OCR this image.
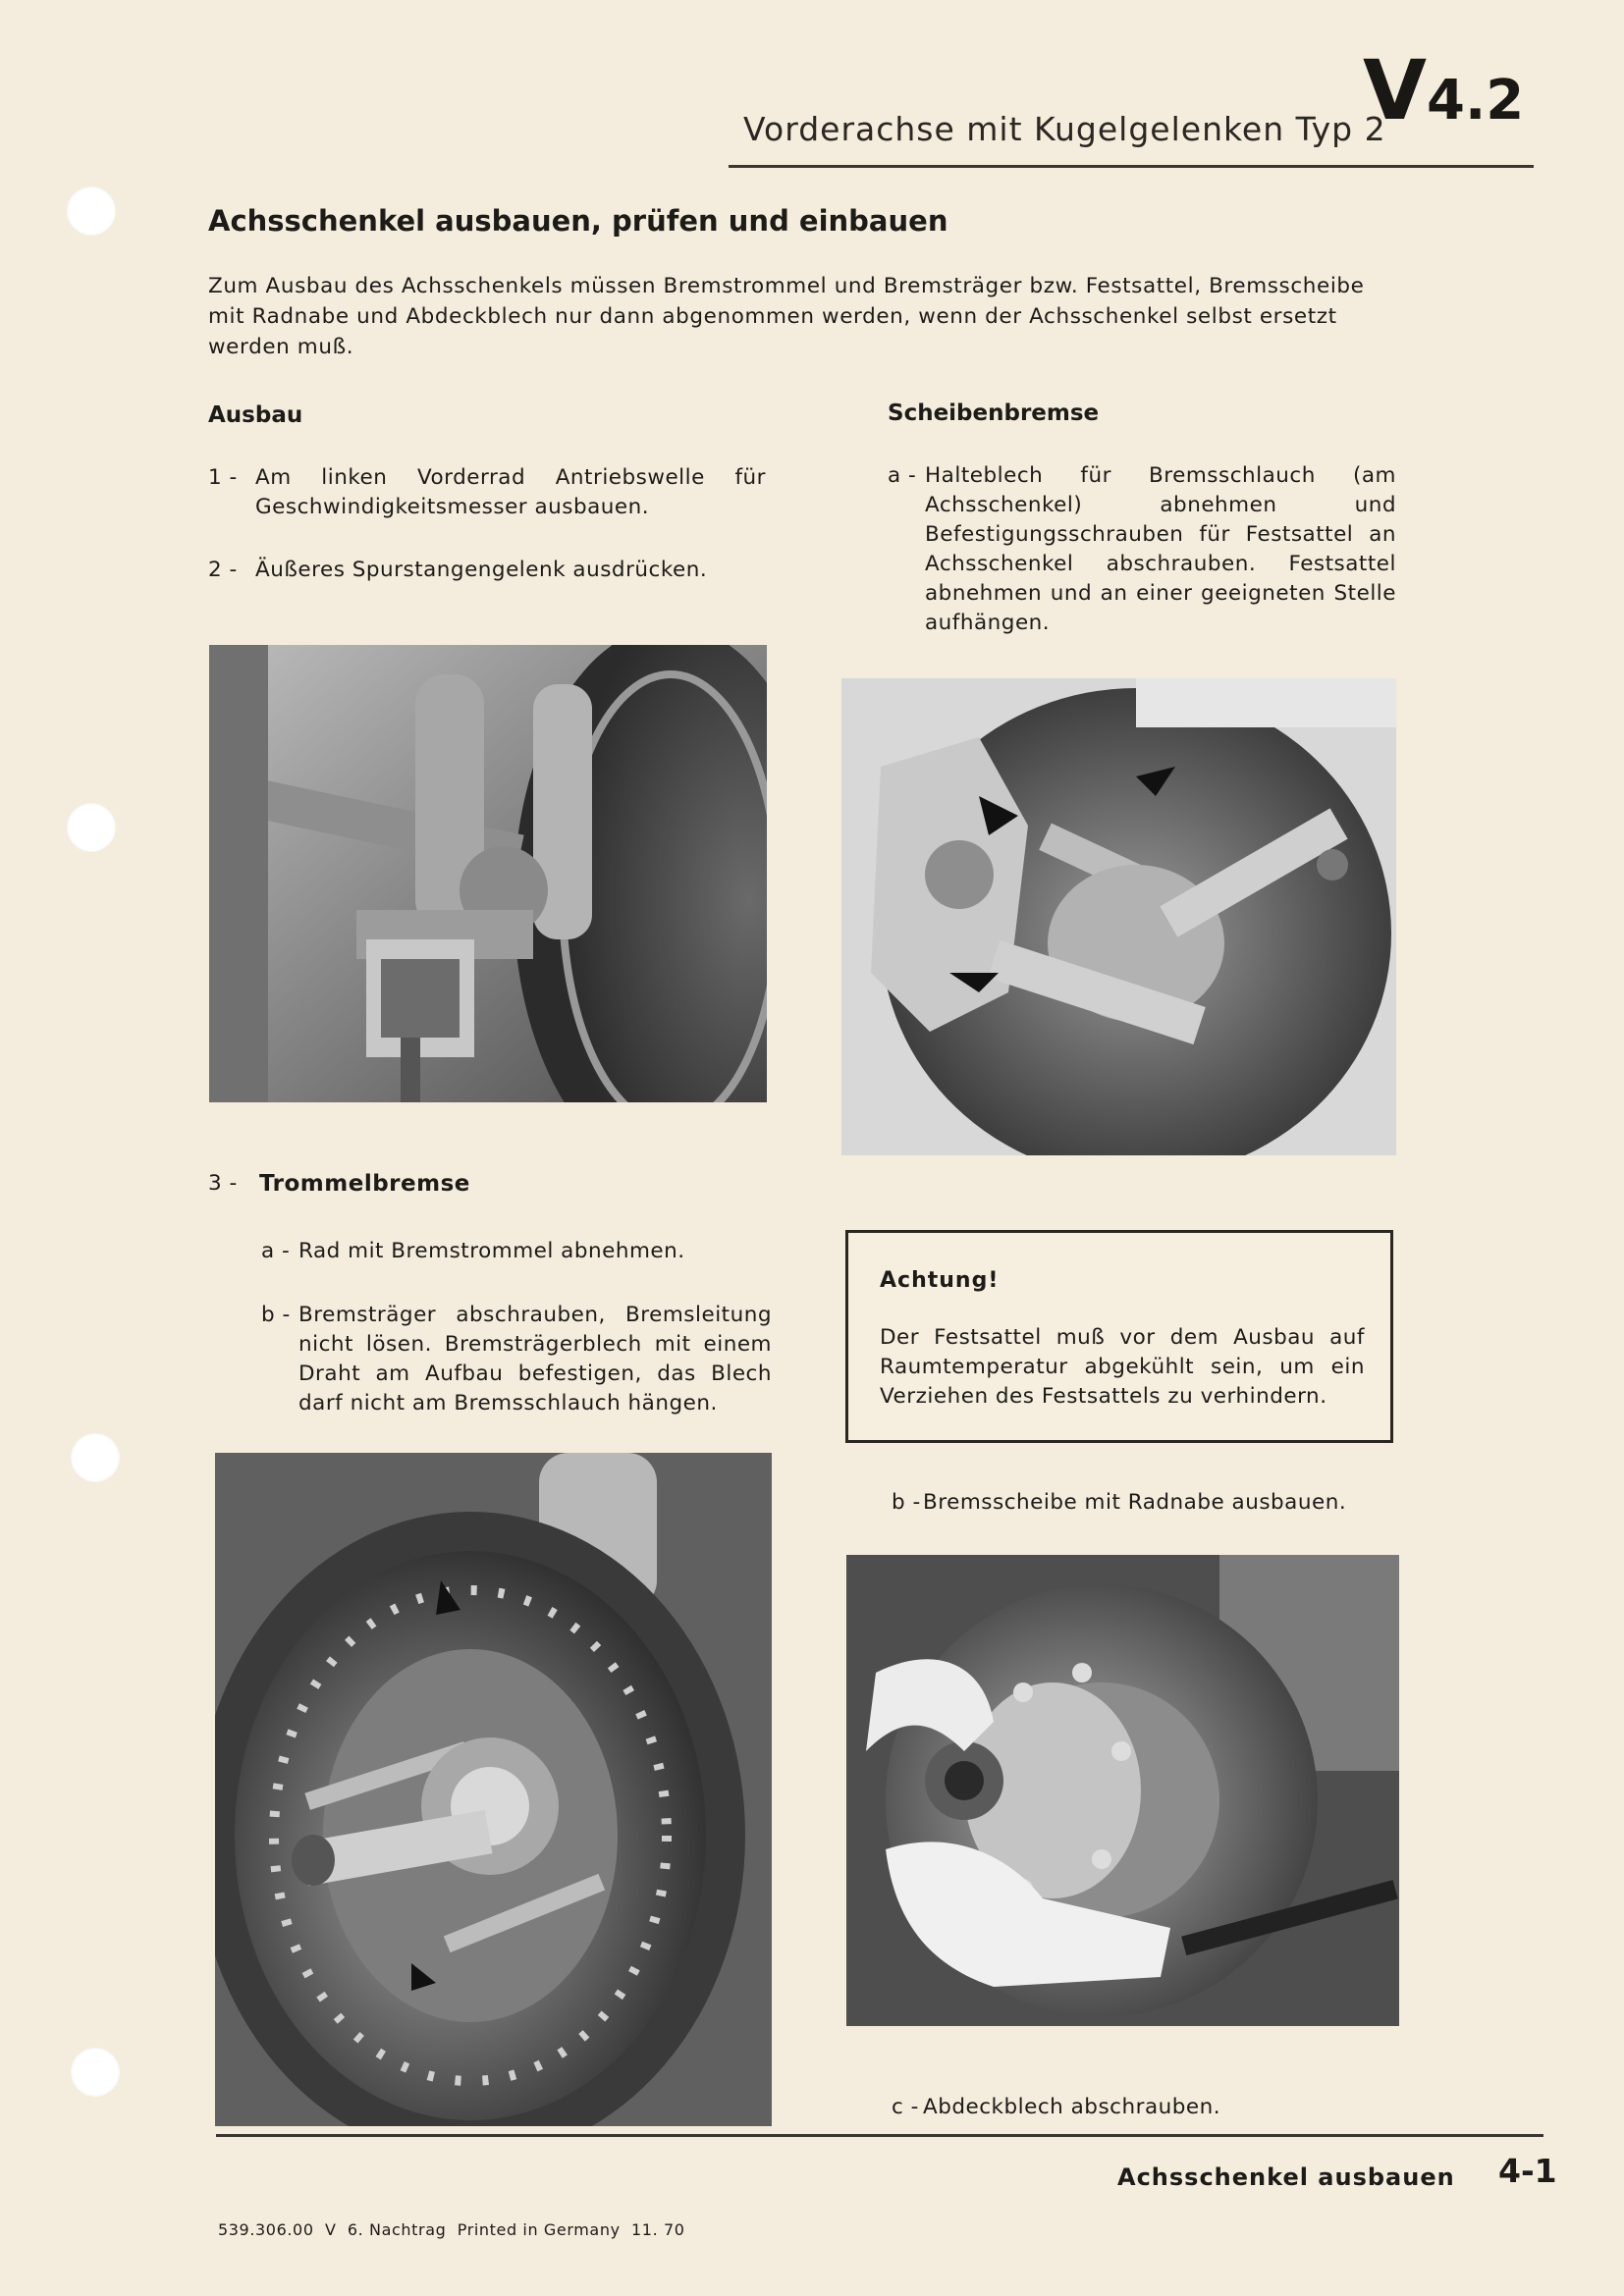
Vorderachse mit Kugelgelenken Typ 2
V4.2
Achsschenkel ausbauen, prüfen und einbauen
Zum Ausbau des Achsschenkels müssen Bremstrommel und Bremsträger bzw. Festsattel, Bremsscheibe mit Radnabe und Abdeckblech nur dann abgenommen werden, wenn der Achsschenkel selbst ersetzt werden muß.
Ausbau
1 - Am linken Vorderrad Antriebswelle für Geschwindigkeitsmesser ausbauen.
2 - Äußeres Spurstangengelenk ausdrücken.
3 - Trommelbremse
a - Rad mit Bremstrommel abnehmen.
b - Bremsträger abschrauben, Bremsleitung nicht lösen. Bremsträgerblech mit einem Draht am Aufbau befestigen, das Blech darf nicht am Bremsschlauch hängen.
Scheibenbremse
a - Halteblech für Bremsschlauch (am Achsschenkel) abnehmen und Befestigungsschrauben für Festsattel an Achsschenkel abschrauben. Festsattel abnehmen und an einer geeigneten Stelle aufhängen.
Achtung!
Der Festsattel muß vor dem Ausbau auf Raumtemperatur abgekühlt sein, um ein Verziehen des Festsattels zu verhindern.
b - Bremsscheibe mit Radnabe ausbauen.
c - Abdeckblech abschrauben.
Achsschenkel ausbauen 4-1
539.306.00  V  6. Nachtrag  Printed in Germany  11. 70
